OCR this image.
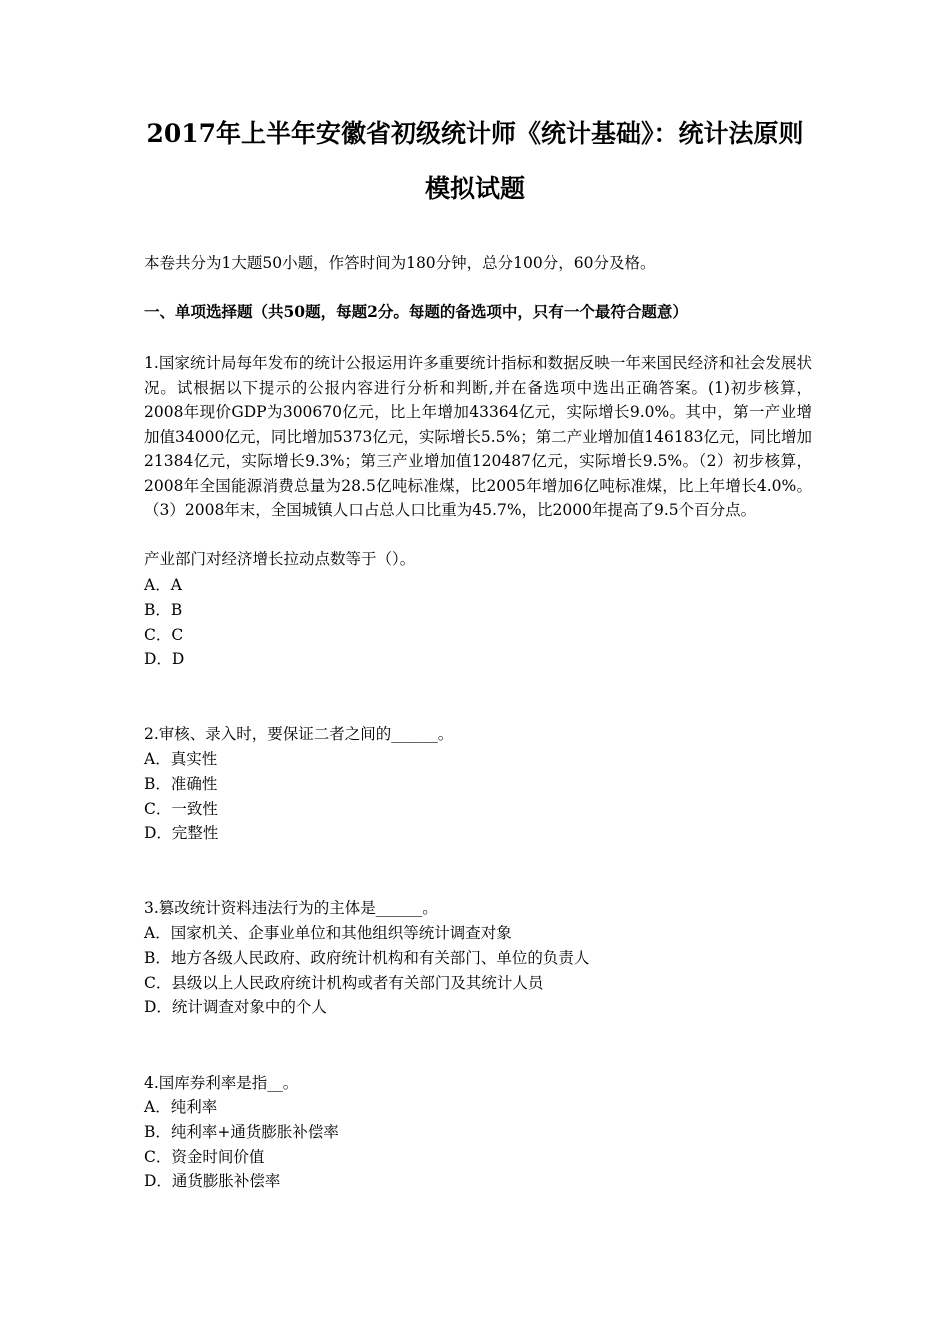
2017年上半年安徽省初级统计师《统计基础》：统计法原则

模拟试题

本卷共分为1大题50小题，作答时间为180分钟，总分100分，60分及格。

一、单项选择题（共50题，每题2分。每题的备选项中，只有一个最符合题意）

1.国家统计局每年发布的统计公报运用许多重要统计指标和数据反映一年来国民经济和社会发展状况。试根据以下提示的公报内容进行分析和判断,并在备选项中选出正确答案。(1)初步核算，2008年现价GDP为300670亿元，比上年增加43364亿元，实际增长9.0%。其中，第一产业增加值34000亿元，同比增加5373亿元，实际增长5.5%；第二产业增加值146183亿元，同比增加21384亿元，实际增长9.3%；第三产业增加值120487亿元，实际增长9.5%。（2）初步核算，2008年全国能源消费总量为28.5亿吨标准煤，比2005年增加6亿吨标准煤，比上年增长4.0%。（3）2008年末，全国城镇人口占总人口比重为45.7%，比2000年提高了9.5个百分点。

产业部门对经济增长拉动点数等于（）。

A．A
B．B
C．C
D．D

2.审核、录入时，要保证二者之间的______。

A．真实性
B．准确性
C．一致性
D．完整性

3.篡改统计资料违法行为的主体是______。

A．国家机关、企事业单位和其他组织等统计调查对象
B．地方各级人民政府、政府统计机构和有关部门、单位的负责人
C．县级以上人民政府统计机构或者有关部门及其统计人员
D．统计调查对象中的个人

4.国库券利率是指__。

A．纯利率
B．纯利率+通货膨胀补偿率
C．资金时间价值
D．通货膨胀补偿率
